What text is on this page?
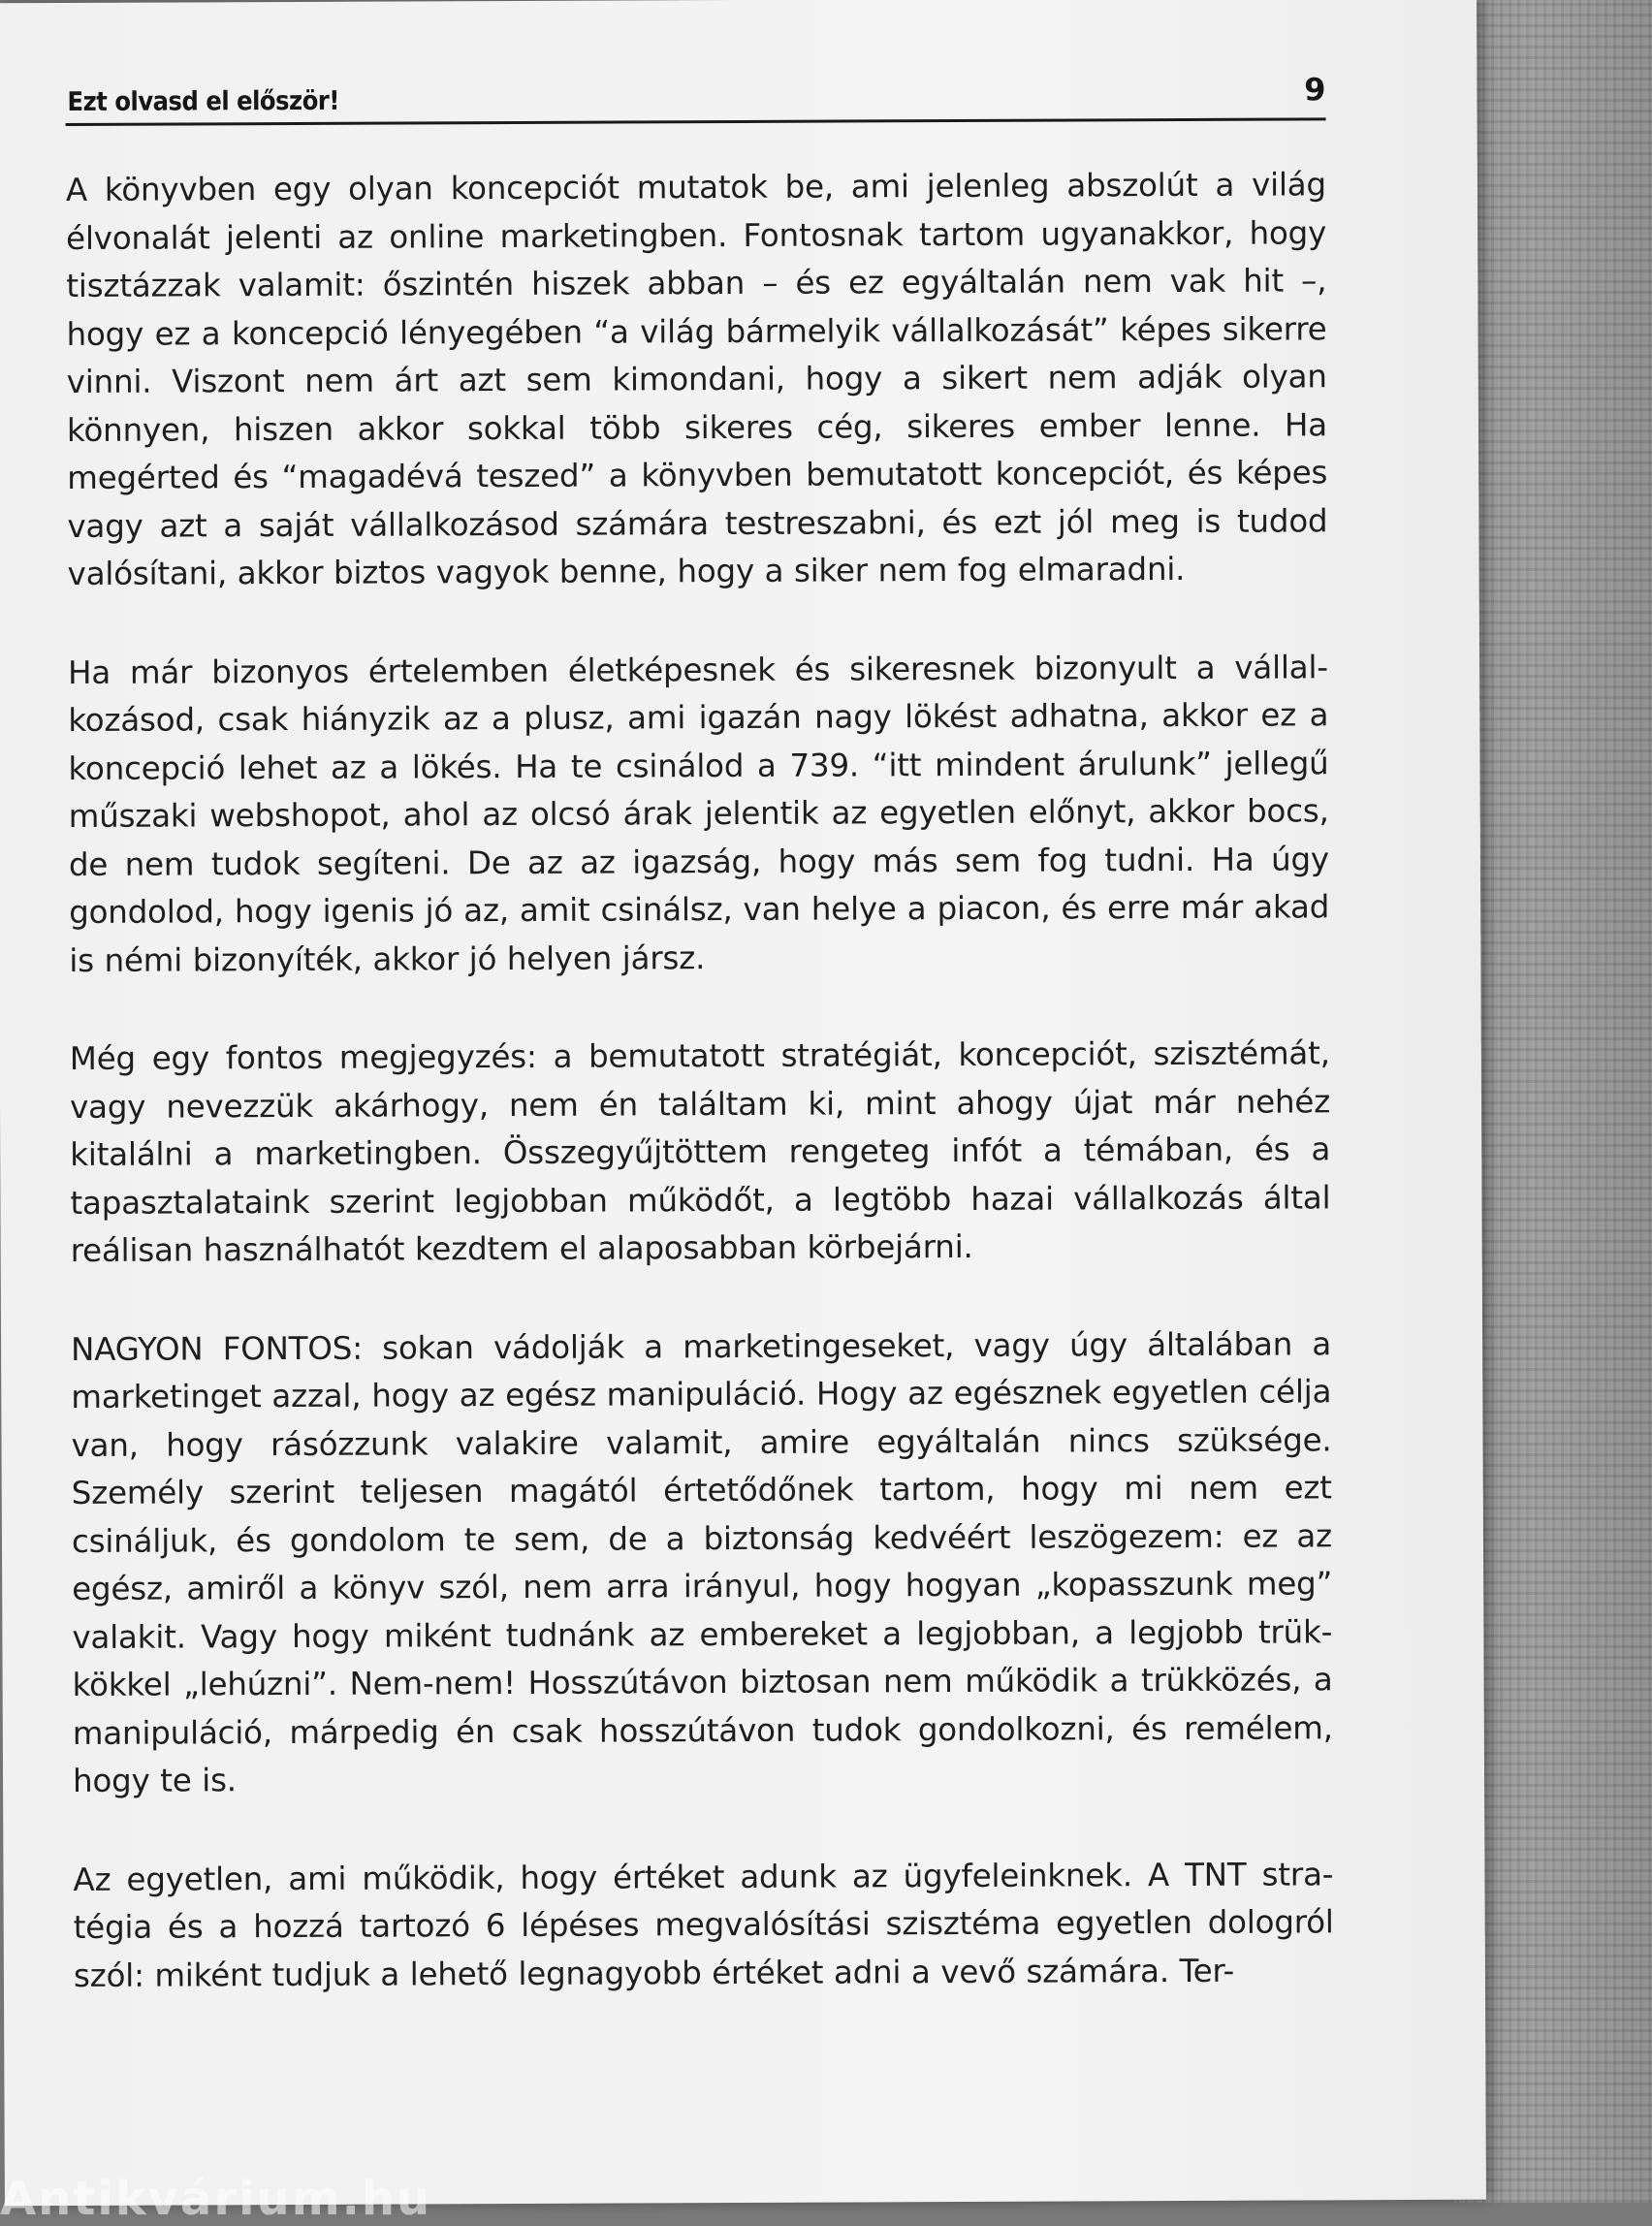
Ezt olvasd el először!	9

A könyvben egy olyan koncepciót mutatok be, ami jelenleg abszolút a világ élvonalát jelenti az online marketingben. Fontosnak tartom ugyanakkor, hogy tisztázzak valamit: őszintén hiszek abban – és ez egyáltalán nem vak hit –, hogy ez a koncepció lényegében “a világ bármelyik vállalkozását” képes sikerre vinni. Viszont nem árt azt sem kimondani, hogy a sikert nem adják olyan könnyen, hiszen akkor sokkal több sikeres cég, sikeres ember lenne. Ha megérted és “magadévá teszed” a könyvben bemutatott koncepciót, és képes vagy azt a saját vállalkozásod számára testreszabni, és ezt jól meg is tudod valósítani, akkor biztos vagyok benne, hogy a siker nem fog elmaradni.

Ha már bizonyos értelemben életképesnek és sikeresnek bizonyult a vállalkozásod, csak hiányzik az a plusz, ami igazán nagy lökést adhatna, akkor ez a koncepció lehet az a lökés. Ha te csinálod a 739. “itt mindent árulunk” jellegű műszaki webshopot, ahol az olcsó árak jelentik az egyetlen előnyt, akkor bocs, de nem tudok segíteni. De az az igazság, hogy más sem fog tudni. Ha úgy gondolod, hogy igenis jó az, amit csinálsz, van helye a piacon, és erre már akad is némi bizonyíték, akkor jó helyen jársz.

Még egy fontos megjegyzés: a bemutatott stratégiát, koncepciót, szisztémát, vagy nevezzük akárhogy, nem én találtam ki, mint ahogy újat már nehéz kitalálni a marketingben. Összegyűjtöttem rengeteg infót a témában, és a tapasztalataink szerint legjobban működőt, a legtöbb hazai vállalkozás által reálisan használhatót kezdtem el alaposabban körbejárni.

NAGYON FONTOS: sokan vádolják a marketingeseket, vagy úgy általában a marketinget azzal, hogy az egész manipuláció. Hogy az egésznek egyetlen célja van, hogy rásózzunk valakire valamit, amire egyáltalán nincs szüksége. Személy szerint teljesen magától értetődőnek tartom, hogy mi nem ezt csináljuk, és gondolom te sem, de a biztonság kedvéért leszögezem: ez az egész, amiről a könyv szól, nem arra irányul, hogy hogyan „kopasszunk meg” valakit. Vagy hogy miként tudnánk az embereket a legjobban, a legjobb trükkökkel „lehúzni”. Nem-nem! Hosszútávon biztosan nem működik a trükközés, a manipuláció, márpedig én csak hosszútávon tudok gondolkozni, és remélem, hogy te is.

Az egyetlen, ami működik, hogy értéket adunk az ügyfeleinknek. A TNT stratégia és a hozzá tartozó 6 lépéses megvalósítási szisztéma egyetlen dologról szól: miként tudjuk a lehető legnagyobb értéket adni a vevő számára. Ter-

Antikvárium.hu
